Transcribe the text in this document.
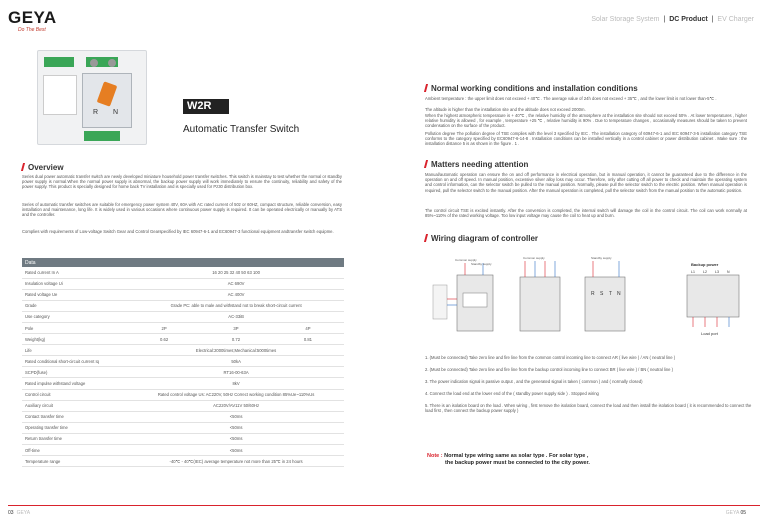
GEYA
Do The Best
Solar Storage System | DC Product | EV Charger
R N
W2R
Automatic Transfer Switch
Overview
Series dual power automatic transfer switch are newly developed miniature household power transfer switches. This switch is mainstay to test whether the normal or standby power supply is normal.When the normal power supply is abnormal, the backup power supply will work immediately to ensure the continuity, reliability and safety of the power supply. This product is specially designed for home back TV installation and is specially used for Pz30 distribution box.
Series of automatic transfer switches are suitable for emergency power system 40V, 60A with AC rated current of 50z or 60HZ, compact structure, reliable conversion, easy installation and maintenance, long life. It is widely used in various occasions where continuous power supply is required. It can be operated electrically or manually by ATS and the controller.
Complies with requirements of Low-voltage Switch Gear and Control Gearspecified by IEC 60947-6-1 and EC60947-3 functional equipment andtransfer switch equipme.
Data			
Rated current In A	16 20 25 32 40 50 63 100		
Insulation voltage Ui	AC 690V		
Rated voltage Ue	AC 400V		
Grade	Grade PC: able to male and withstand not to break short-circuit current		
Use category	AC-33iB		
Pole	2P	3P	4P
Weight(kg)	0.62	0.72	0.81
Life	Electrical:2000times;Mechanical:5000times		
Rated conditional short-circuit current Iq	50kA		
SCPD(fuse)	RT16-00-63A		
Rated impulse withstand voltage	8kV		
Control circuit	Rated control voltage Us: AC220V, 50Hz Correct working condition 85%Ue~110%Us		
Auxiliary circuit	AC220V/AV11V 50/60Hz		
Contact transfer time	<50ms		
Operating transfer time	<50ms		
Return transfer time	<50ms		
Off-time	<50ms		
Temperature range	-40℃ - 40℃(IEC) average temperature not more than 25℃ in 24 hours		
Normal working conditions and installation conditions
Ambient temperature : the upper limit does not exceed + 40℃ . The average value of 24h does not exceed + 35℃ , and the lower limit is not lower than-5℃ .
The altitude is higher than the installation site and the altitude does not exceed 2000m.
When the highest atmospheric temperature is + 40℃ , the relative humidity of the atmosphere at the installation site should not exceed 50% . At lower temperatures , higher relative humidity is allowed , for example , temperature +25 ℃ , relative humidity is 90% . Due to temperature changes , occasionally measures should be taken to prevent condensation on the surface of the product.
Pollution degree The pollution degree of TSE complies with the level 3 specified by IEC . The installation category of 60947-6-1 and IEC 60947-3-5 installation category TSE conforms to the category specified by EC60947-6-14-8 . Installation conditions can be installed vertically in a control cabinet or power distribution cabinet . Make sure : the installation distance 5 is as shown in the figure . 1 .
Matters needing attention
Manual/automatic operation can ensure the on and off performance in electrical operation, but in manual operation, it cannot be guaranteed due to the difference in the operation on and off speed. In manual position, excessive silver alloy loss may occur. Therefore, only after cutting off all power to check and maintain the operating system and control information, can the selector switch be pulled to the manual position. Normally, please pull the selector switch to the electric position. When manual operation is required, pull the selector switch to the manual position. After the manual operation is completed, pull the selector switch from the manual position to the automatic position.
The control circuit TSE is excited instantly. After the conversion is completed, the internal switch will damage the coil in the control circuit. The coil can work normally at 85%~110% of the rated working voltage. Too low input voltage may cause the coil to heat up and burn.
Wiring diagram of controller
Common supply
Standby supply
Common supply
R S T N
Standby supply
Backup power
L1 L2 L3 N
Load port
1. (Must be connected) Take zero line and fire line from the common control incoming line to connect AR ( live wire ) / AN ( neutral line )
2. (Must be connected) Take zero line and fire line from the backup control incoming line to connect BR ( live wire ) / BN ( neutral line )
3. The power indication signal is passive output , and the generated signal is taken ( common ) and ( normally closed)
4. Connect the load end at the lower end of the ( standby power supply side ) . Stopped wiring
5. There is an isolation board on the load . When wiring , first remove the isolation board, connect the load and then install the isolation board ( it is recommended to connect the load first , then connect the backup power supply )
Note : Normal type wiring same as solar type . For solar type ,
the backup power must be connected to the city power.
03 GEYA	GEYA 05
